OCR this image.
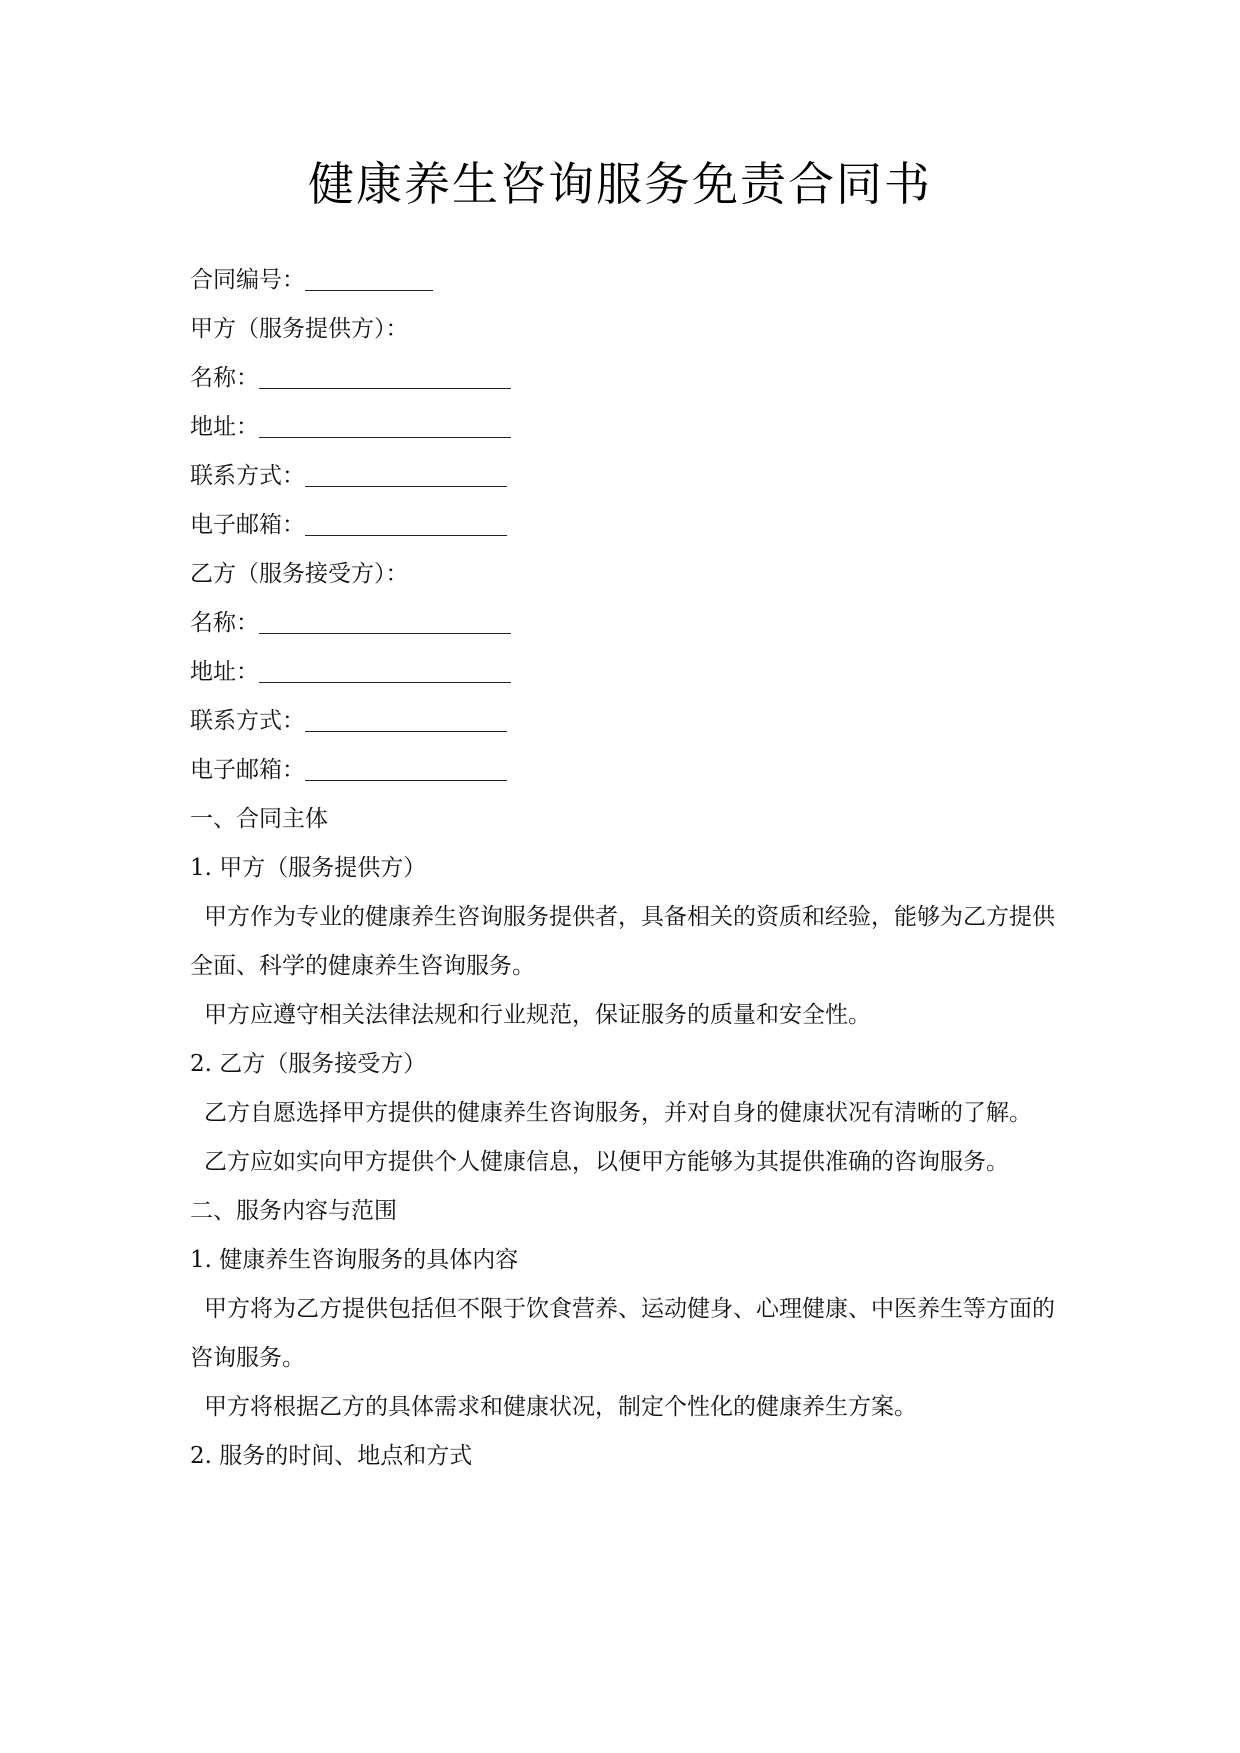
健康养生咨询服务免责合同书
合同编号：
甲方（服务提供方）：
名称：
地址：
联系方式：
电子邮箱：
乙方（服务接受方）：
名称：
地址：
联系方式：
电子邮箱：
一、合同主体
1. 甲方（服务提供方）
甲方作为专业的健康养生咨询服务提供者，具备相关的资质和经验，能够为乙方提供全面、科学的健康养生咨询服务。
甲方应遵守相关法律法规和行业规范，保证服务的质量和安全性。
2. 乙方（服务接受方）
乙方自愿选择甲方提供的健康养生咨询服务，并对自身的健康状况有清晰的了解。
乙方应如实向甲方提供个人健康信息，以便甲方能够为其提供准确的咨询服务。
二、服务内容与范围
1. 健康养生咨询服务的具体内容
甲方将为乙方提供包括但不限于饮食营养、运动健身、心理健康、中医养生等方面的咨询服务。
甲方将根据乙方的具体需求和健康状况，制定个性化的健康养生方案。
2. 服务的时间、地点和方式
